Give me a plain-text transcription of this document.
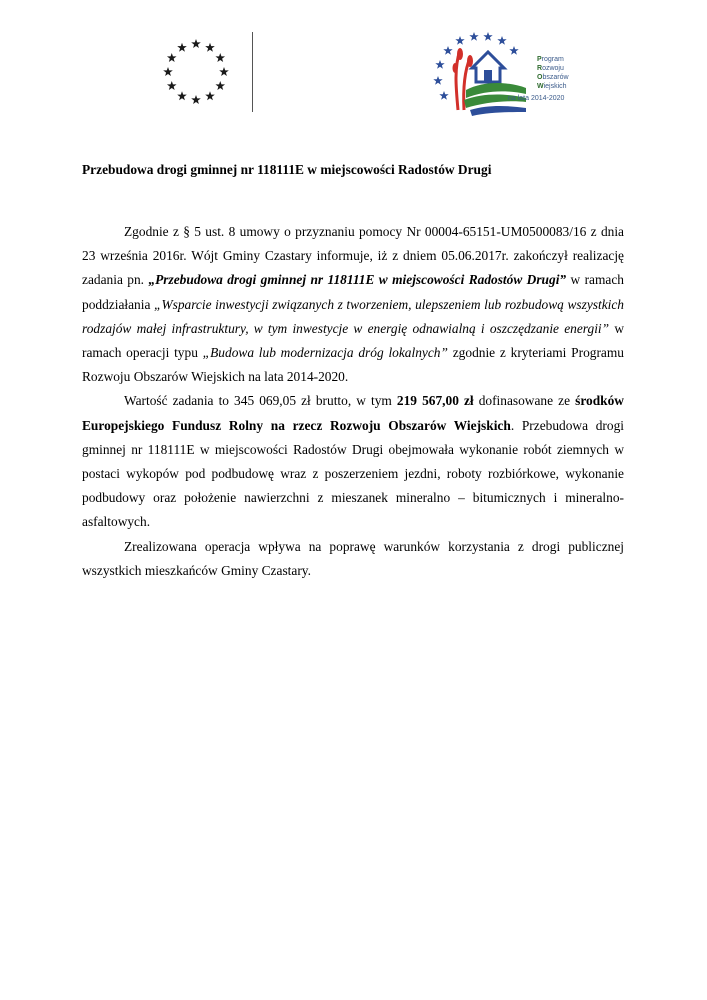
Program
Rozwoju
Obszarów
Wiejskich
na lata 2014-2020
Przebudowa drogi gminnej nr 118111E w miejscowości Radostów Drugi

Zgodnie z § 5 ust. 8 umowy o przyznaniu pomocy Nr 00004-65151-UM0500083/16 z dnia 23 września 2016r. Wójt Gminy Czastary informuje, iż z dniem 05.06.2017r. zakończył realizację zadania pn. „Przebudowa drogi gminnej nr 118111E w miejscowości Radostów Drugi” w ramach poddziałania „Wsparcie inwestycji związanych z tworzeniem, ulepszeniem lub rozbudową wszystkich rodzajów małej infrastruktury, w tym inwestycje w energię odnawialną i oszczędzanie energii” w ramach operacji typu „Budowa lub modernizacja dróg lokalnych” zgodnie z kryteriami Programu Rozwoju Obszarów Wiejskich na lata 2014-2020.

Wartość zadania to 345 069,05 zł brutto, w tym 219 567,00 zł dofinasowane ze środków Europejskiego Fundusz Rolny na rzecz Rozwoju Obszarów Wiejskich. Przebudowa drogi gminnej nr 118111E w miejscowości Radostów Drugi obejmowała wykonanie robót ziemnych w postaci wykopów pod podbudowę wraz z poszerzeniem jezdni, roboty rozbiórkowe, wykonanie podbudowy oraz położenie nawierzchni z mieszanek mineralno – bitumicznych i mineralno-asfaltowych.

Zrealizowana operacja wpływa na poprawę warunków korzystania z drogi publicznej wszystkich mieszkańców Gminy Czastary.
